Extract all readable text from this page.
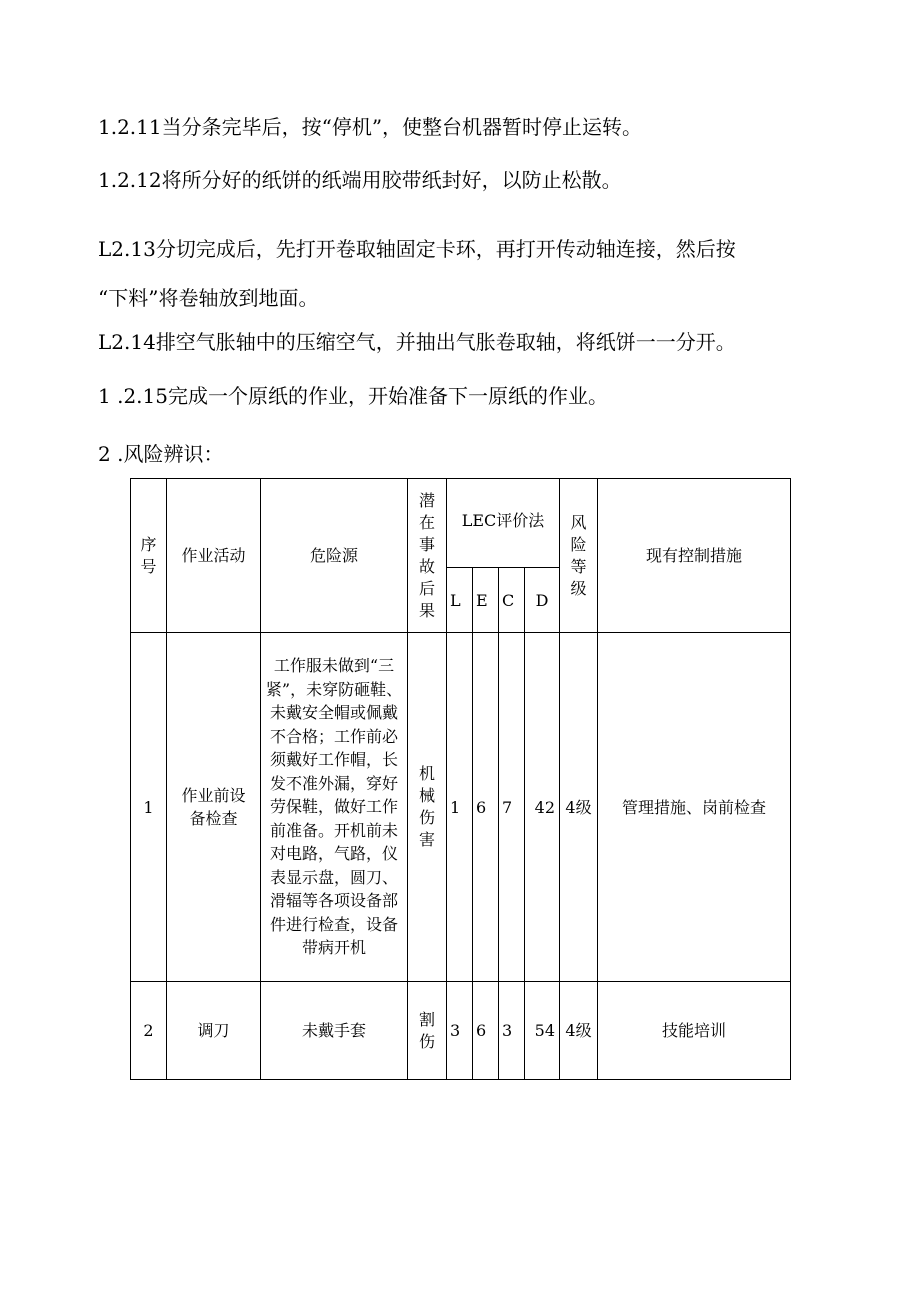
1.2.11当分条完毕后，按“停机”，使整台机器暂时停止运转。

1.2.12将所分好的纸饼的纸端用胶带纸封好，以防止松散。

L2.13分切完成后，先打开卷取轴固定卡环，再打开传动轴连接，然后按

“下料”将卷轴放到地面。

L2.14排空气胀轴中的压缩空气，并抽出气胀卷取轴，将纸饼一一分开。

1 .2.15完成一个原纸的作业，开始准备下一原纸的作业。

2 .风险辨识：

序号	作业活动	危险源	潜在事故后果	LEC评价法				风险等级	现有控制措施
				L	E	C	D		
1	作业前设备检查	工作服未做到“三紧”，未穿防砸鞋、未戴安全帽或佩戴不合格；工作前必须戴好工作帽，长发不准外漏，穿好劳保鞋，做好工作前准备。开机前未对电路，气路，仪表显示盘，圆刀、滑辐等各项设备部件进行检查，设备带病开机	机械伤害	1	6	7	42	4级	管理措施、岗前检查
2	调刀	未戴手套	割伤	3	6	3	54	4级	技能培训
